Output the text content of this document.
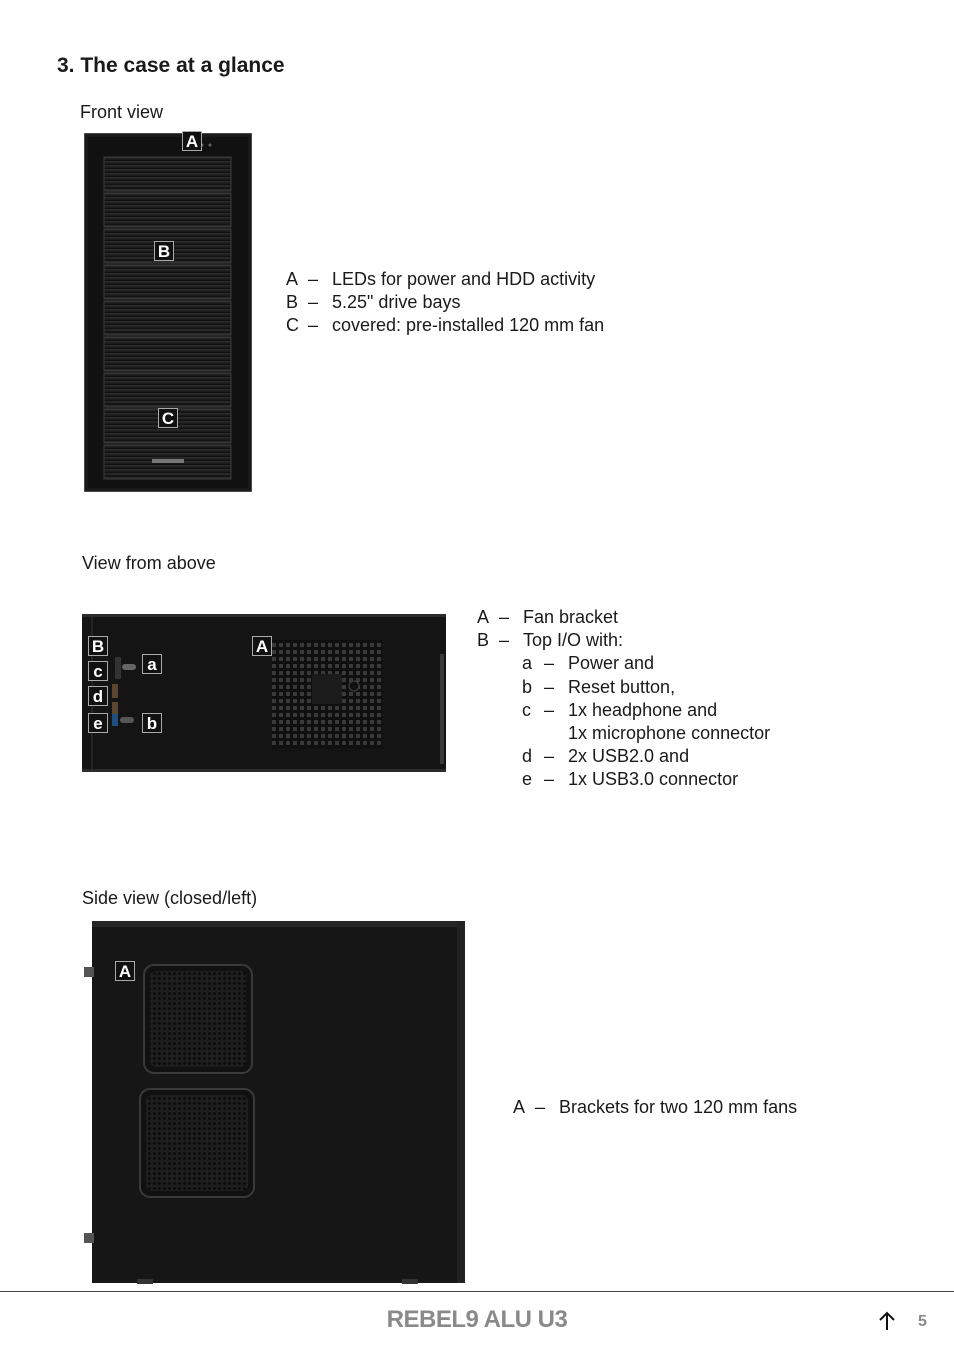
3. The case at a glance
Front view
A
B
C
A – LEDs for power and HDD activity
B – 5.25" drive bays
C – covered: pre-installed 120 mm fan
View from above
A
B
a
c
d
e	b
A – Fan bracket
B – Top I/O with:
a – Power and
b – Reset button,
c – 1x headphone and
1x microphone connector
d – 2x USB2.0 and
e – 1x USB3.0 connector
Side view (closed/left)
A
A – Brackets for two 120 mm fans
REBEL9 ALU U3	5
